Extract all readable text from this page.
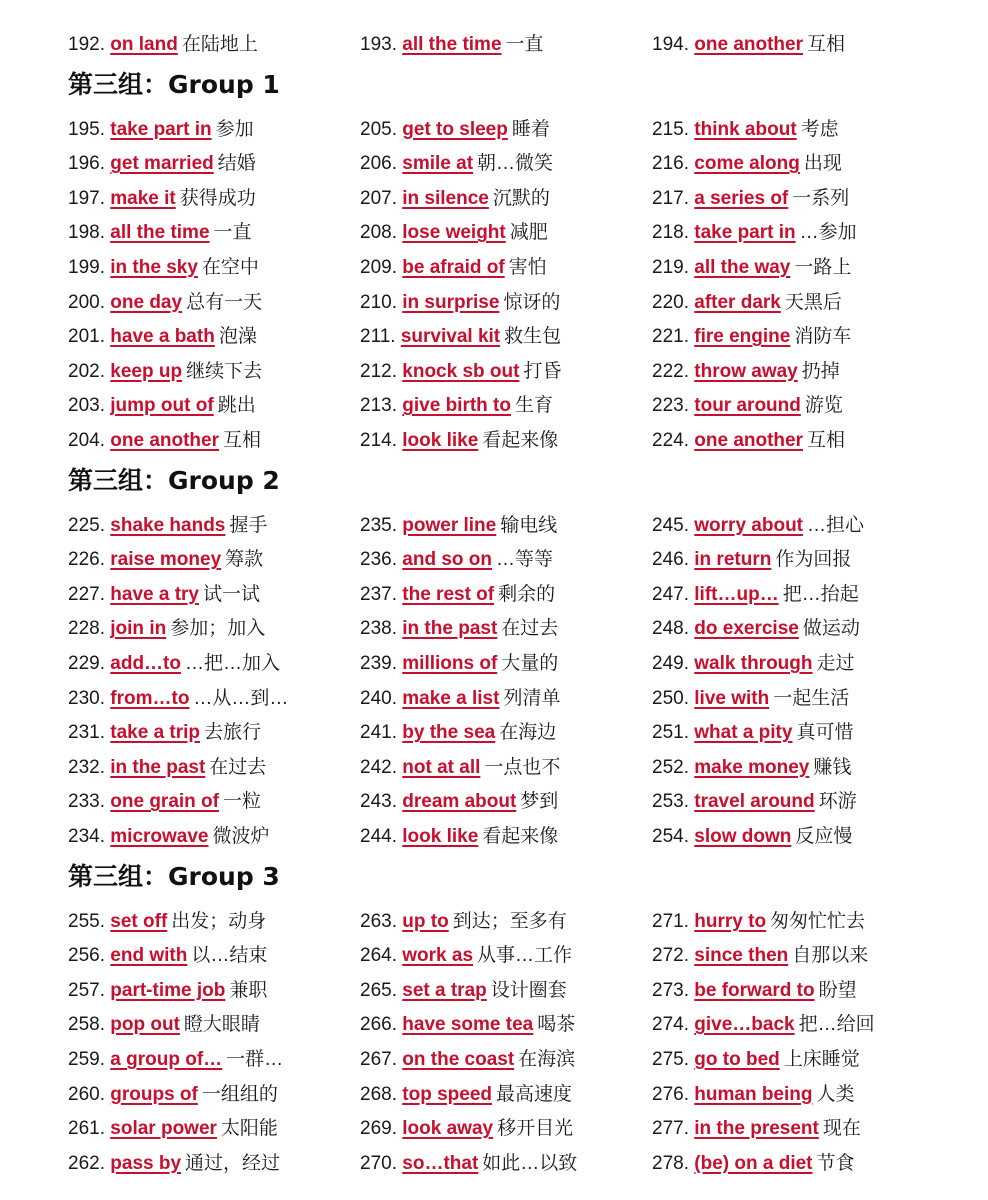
192. on land 在陆地上	193. all the time 一直	194. one another 互相
第三组：Group 1
195. take part in 参加	205. get to sleep 睡着	215. think about 考虑
196. get married 结婚	206. smile at 朝…微笑	216. come along 出现
197. make it 获得成功	207. in silence 沉默的	217. a series of 一系列
198. all the time 一直	208. lose weight 减肥	218. take part in …参加
199. in the sky 在空中	209. be afraid of 害怕	219. all the way 一路上
200. one day 总有一天	210. in surprise 惊讶的	220. after dark 天黑后
201. have a bath 泡澡	211. survival kit 救生包	221. fire engine 消防车
202. keep up 继续下去	212. knock sb out 打昏	222. throw away 扔掉
203. jump out of 跳出	213. give birth to 生育	223. tour around 游览
204. one another 互相	214. look like 看起来像	224. one another 互相
第三组：Group 2
225. shake hands 握手	235. power line 输电线	245. worry about …担心
226. raise money 筹款	236. and so on …等等	246. in return 作为回报
227. have a try 试一试	237. the rest of 剩余的	247. lift…up… 把…抬起
228. join in 参加；加入	238. in the past 在过去	248. do exercise 做运动
229. add…to …把…加入	239. millions of 大量的	249. walk through 走过
230. from…to …从…到…	240. make a list 列清单	250. live with 一起生活
231. take a trip 去旅行	241. by the sea 在海边	251. what a pity 真可惜
232. in the past 在过去	242. not at all 一点也不	252. make money 赚钱
233. one grain of 一粒	243. dream about 梦到	253. travel around 环游
234. microwave 微波炉	244. look like 看起来像	254. slow down 反应慢
第三组：Group 3
255. set off 出发；动身	263. up to 到达；至多有	271. hurry to 匆匆忙忙去
256. end with 以…结束	264. work as 从事…工作	272. since then 自那以来
257. part-time job 兼职	265. set a trap 设计圈套	273. be forward to 盼望
258. pop out 瞪大眼睛	266. have some tea 喝茶	274. give…back 把…给回
259. a group of… 一群…	267. on the coast 在海滨	275. go to bed 上床睡觉
260. groups of 一组组的	268. top speed 最高速度	276. human being 人类
261. solar power 太阳能	269. look away 移开目光	277. in the present 现在
262. pass by 通过，经过	270. so…that 如此…以致	278. (be) on a diet 节食
